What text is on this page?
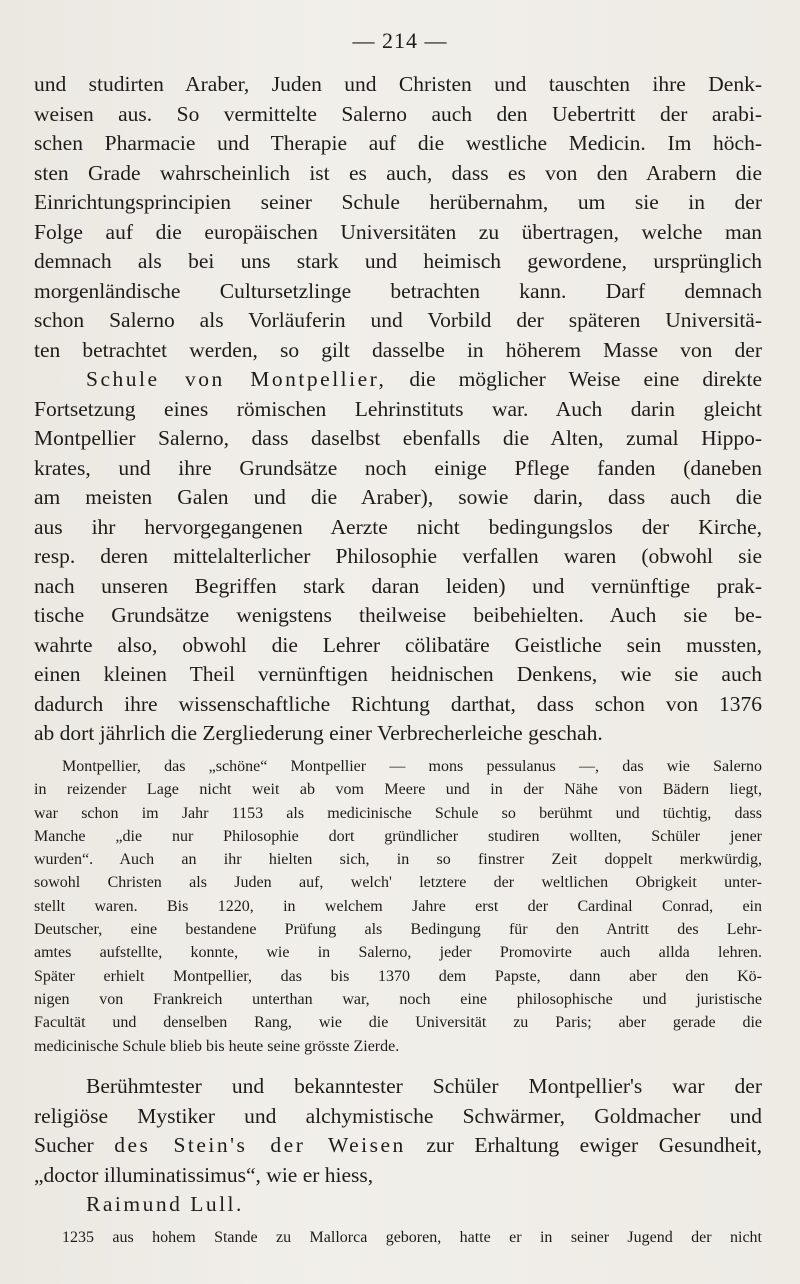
— 214 —
und studirten Araber, Juden und Christen und tauschten ihre Denk-
weisen aus. So vermittelte Salerno auch den Uebertritt der arabi-
schen Pharmacie und Therapie auf die westliche Medicin. Im höch-
sten Grade wahrscheinlich ist es auch, dass es von den Arabern die
Einrichtungsprincipien seiner Schule herübernahm, um sie in der
Folge auf die europäischen Universitäten zu übertragen, welche man
demnach als bei uns stark und heimisch gewordene, ursprünglich
morgenländische Cultursetzlinge betrachten kann. Darf demnach
schon Salerno als Vorläuferin und Vorbild der späteren Universitä-
ten betrachtet werden, so gilt dasselbe in höherem Masse von der
Schule von Montpellier, die möglicher Weise eine direkte
Fortsetzung eines römischen Lehrinstituts war. Auch darin gleicht
Montpellier Salerno, dass daselbst ebenfalls die Alten, zumal Hippo-
krates, und ihre Grundsätze noch einige Pflege fanden (daneben
am meisten Galen und die Araber), sowie darin, dass auch die
aus ihr hervorgegangenen Aerzte nicht bedingungslos der Kirche,
resp. deren mittelalterlicher Philosophie verfallen waren (obwohl sie
nach unseren Begriffen stark daran leiden) und vernünftige prak-
tische Grundsätze wenigstens theilweise beibehielten. Auch sie be-
wahrte also, obwohl die Lehrer cölibatäre Geistliche sein mussten,
einen kleinen Theil vernünftigen heidnischen Denkens, wie sie auch
dadurch ihre wissenschaftliche Richtung darthat, dass schon von 1376
ab dort jährlich die Zergliederung einer Verbrecherleiche geschah.
Montpellier, das „schöne“ Montpellier — mons pessulanus —, das wie Salerno
in reizender Lage nicht weit ab vom Meere und in der Nähe von Bädern liegt,
war schon im Jahr 1153 als medicinische Schule so berühmt und tüchtig, dass
Manche „die nur Philosophie dort gründlicher studiren wollten, Schüler jener
wurden“. Auch an ihr hielten sich, in so finstrer Zeit doppelt merkwürdig,
sowohl Christen als Juden auf, welch' letztere der weltlichen Obrigkeit unter-
stellt waren. Bis 1220, in welchem Jahre erst der Cardinal Conrad, ein
Deutscher, eine bestandene Prüfung als Bedingung für den Antritt des Lehr-
amtes aufstellte, konnte, wie in Salerno, jeder Promovirte auch allda lehren.
Später erhielt Montpellier, das bis 1370 dem Papste, dann aber den Kö-
nigen von Frankreich unterthan war, noch eine philosophische und juristische
Facultät und denselben Rang, wie die Universität zu Paris; aber gerade die
medicinische Schule blieb bis heute seine grösste Zierde.
Berühmtester und bekanntester Schüler Montpellier's war der
religiöse Mystiker und alchymistische Schwärmer, Goldmacher und
Sucher des Stein's der Weisen zur Erhaltung ewiger Gesundheit,
„doctor illuminatissimus“, wie er hiess,
Raimund Lull.
1235 aus hohem Stande zu Mallorca geboren, hatte er in seiner Jugend der nicht
